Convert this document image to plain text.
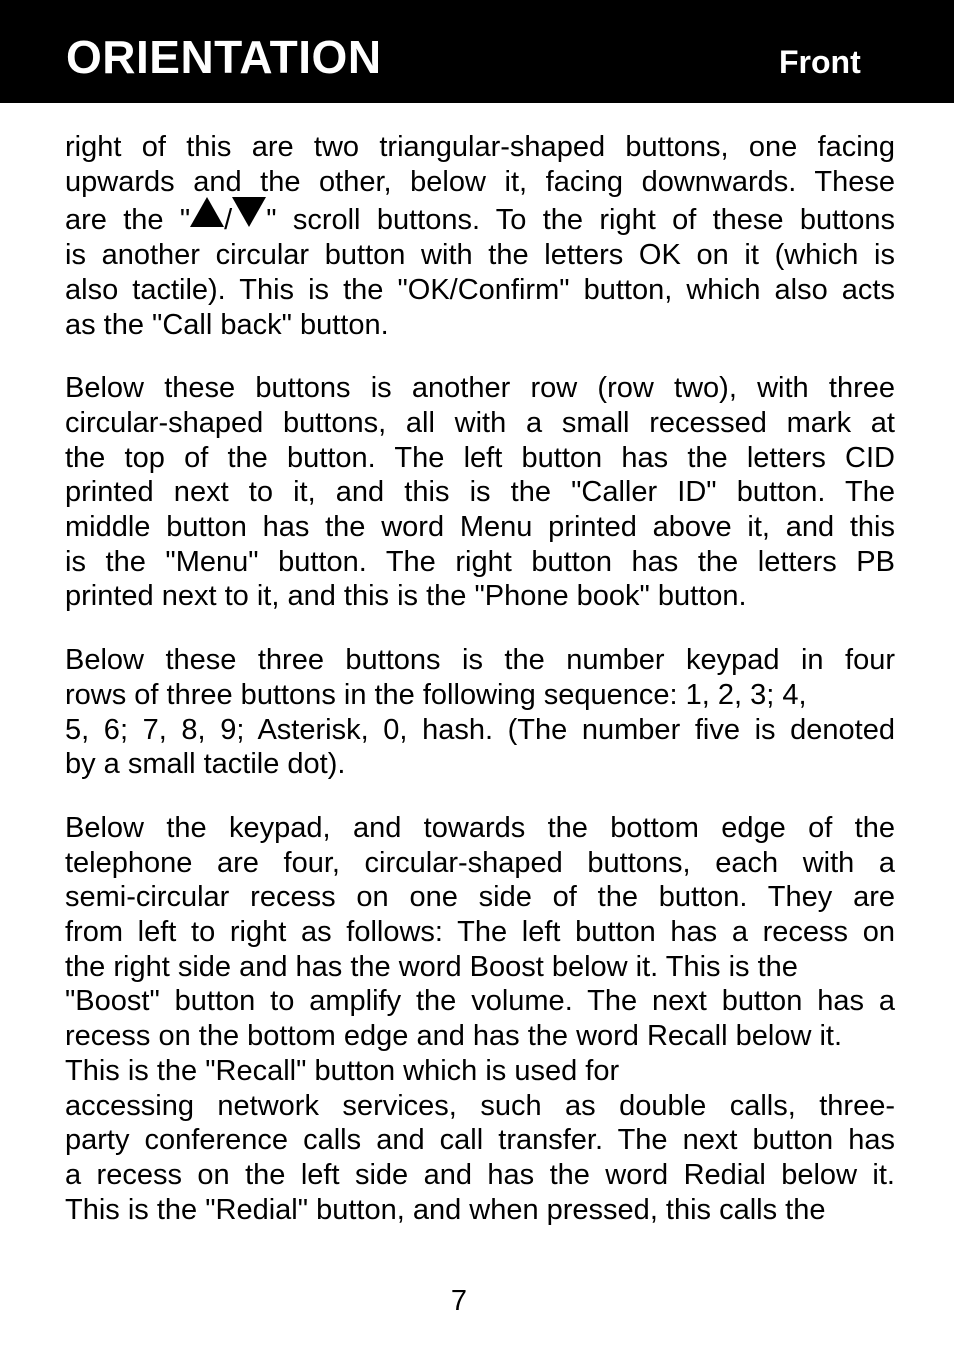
ORIENTATION	Front

right of this are two triangular-shaped buttons, one facing
upwards and the other, below it, facing downwards. These
are the " / " scroll buttons. To the right of these buttons
is another circular button with the letters OK on it (which is
also tactile). This is the "OK/Confirm" button, which also acts
as the "Call back" button.

Below these buttons is another row (row two), with three
circular-shaped buttons, all with a small recessed mark at
the top of the button. The left button has the letters CID
printed next to it, and this is the "Caller ID" button. The
middle button has the word Menu printed above it, and this
is the "Menu" button. The right button has the letters PB
printed next to it, and this is the "Phone book" button.

Below these three buttons is the number keypad in four
rows of three buttons in the following sequence: 1, 2, 3; 4,
5, 6; 7, 8, 9; Asterisk, 0, hash. (The number five is denoted
by a small tactile dot).

Below the keypad, and towards the bottom edge of the
telephone are four, circular-shaped buttons, each with a
semi-circular recess on one side of the button. They are
from left to right as follows: The left button has a recess on
the right side and has the word Boost below it. This is the
"Boost" button to amplify the volume. The next button has a
recess on the bottom edge and has the word Recall below it.
This is the "Recall" button which is used for
accessing network services, such as double calls, three-
party conference calls and call transfer. The next button has
a recess on the left side and has the word Redial below it.
This is the "Redial" button, and when pressed, this calls the

7
